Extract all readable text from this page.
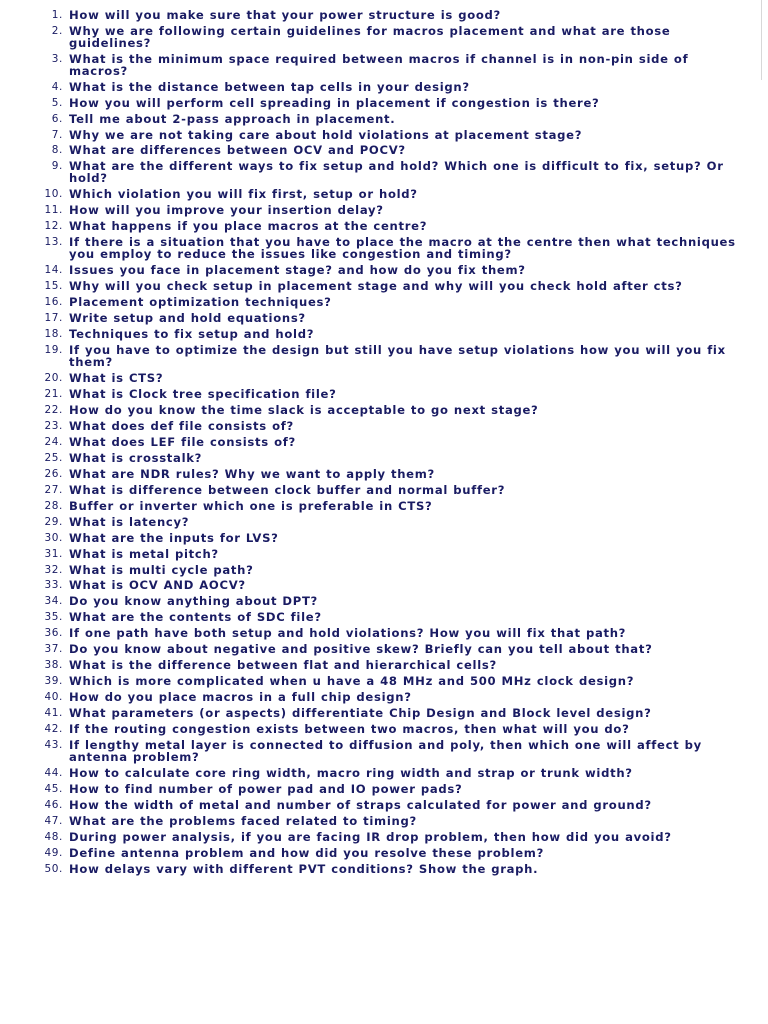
1. How will you make sure that your power structure is good?
2. Why we are following certain guidelines for macros placement and what are those guidelines?
3. What is the minimum space required between macros if channel is in non-pin side of macros?
4. What is the distance between tap cells in your design?
5. How you will perform cell spreading in placement if congestion is there?
6. Tell me about 2-pass approach in placement.
7. Why we are not taking care about hold violations at placement stage?
8. What are differences between OCV and POCV?
9. What are the different ways to fix setup and hold? Which one is difficult to fix, setup? Or hold?
10. Which violation you will fix first, setup or hold?
11. How will you improve your insertion delay?
12. What happens if you place macros at the centre?
13. If there is a situation that you have to place the macro at the centre then what techniques you employ to reduce the issues like congestion and timing?
14. Issues you face in placement stage? and how do you fix them?
15. Why will you check setup in placement stage and why will you check hold after cts?
16. Placement optimization techniques?
17. Write setup and hold equations?
18. Techniques to fix setup and hold?
19. If you have to optimize the design but still you have setup violations how you will you fix them?
20. What is CTS?
21. What is Clock tree specification file?
22. How do you know the time slack is acceptable to go next stage?
23. What does def file consists of?
24. What does LEF file consists of?
25. What is crosstalk?
26. What are NDR rules? Why we want to apply them?
27. What is difference between clock buffer and normal buffer?
28. Buffer or inverter which one is preferable in CTS?
29. What is latency?
30. What are the inputs for LVS?
31. What is metal pitch?
32. What is multi cycle path?
33. What is OCV AND AOCV?
34. Do you know anything about DPT?
35. What are the contents of SDC file?
36. If one path have both setup and hold violations? How you will fix that path?
37. Do you know about negative and positive skew? Briefly can you tell about that?
38. What is the difference between flat and hierarchical cells?
39. Which is more complicated when u have a 48 MHz and 500 MHz clock design?
40. How do you place macros in a full chip design?
41. What parameters (or aspects) differentiate Chip Design and Block level design?
42. If the routing congestion exists between two macros, then what will you do?
43. If lengthy metal layer is connected to diffusion and poly, then which one will affect by antenna problem?
44. How to calculate core ring width, macro ring width and strap or trunk width?
45. How to find number of power pad and IO power pads?
46. How the width of metal and number of straps calculated for power and ground?
47. What are the problems faced related to timing?
48. During power analysis, if you are facing IR drop problem, then how did you avoid?
49. Define antenna problem and how did you resolve these problem?
50. How delays vary with different PVT conditions? Show the graph.
